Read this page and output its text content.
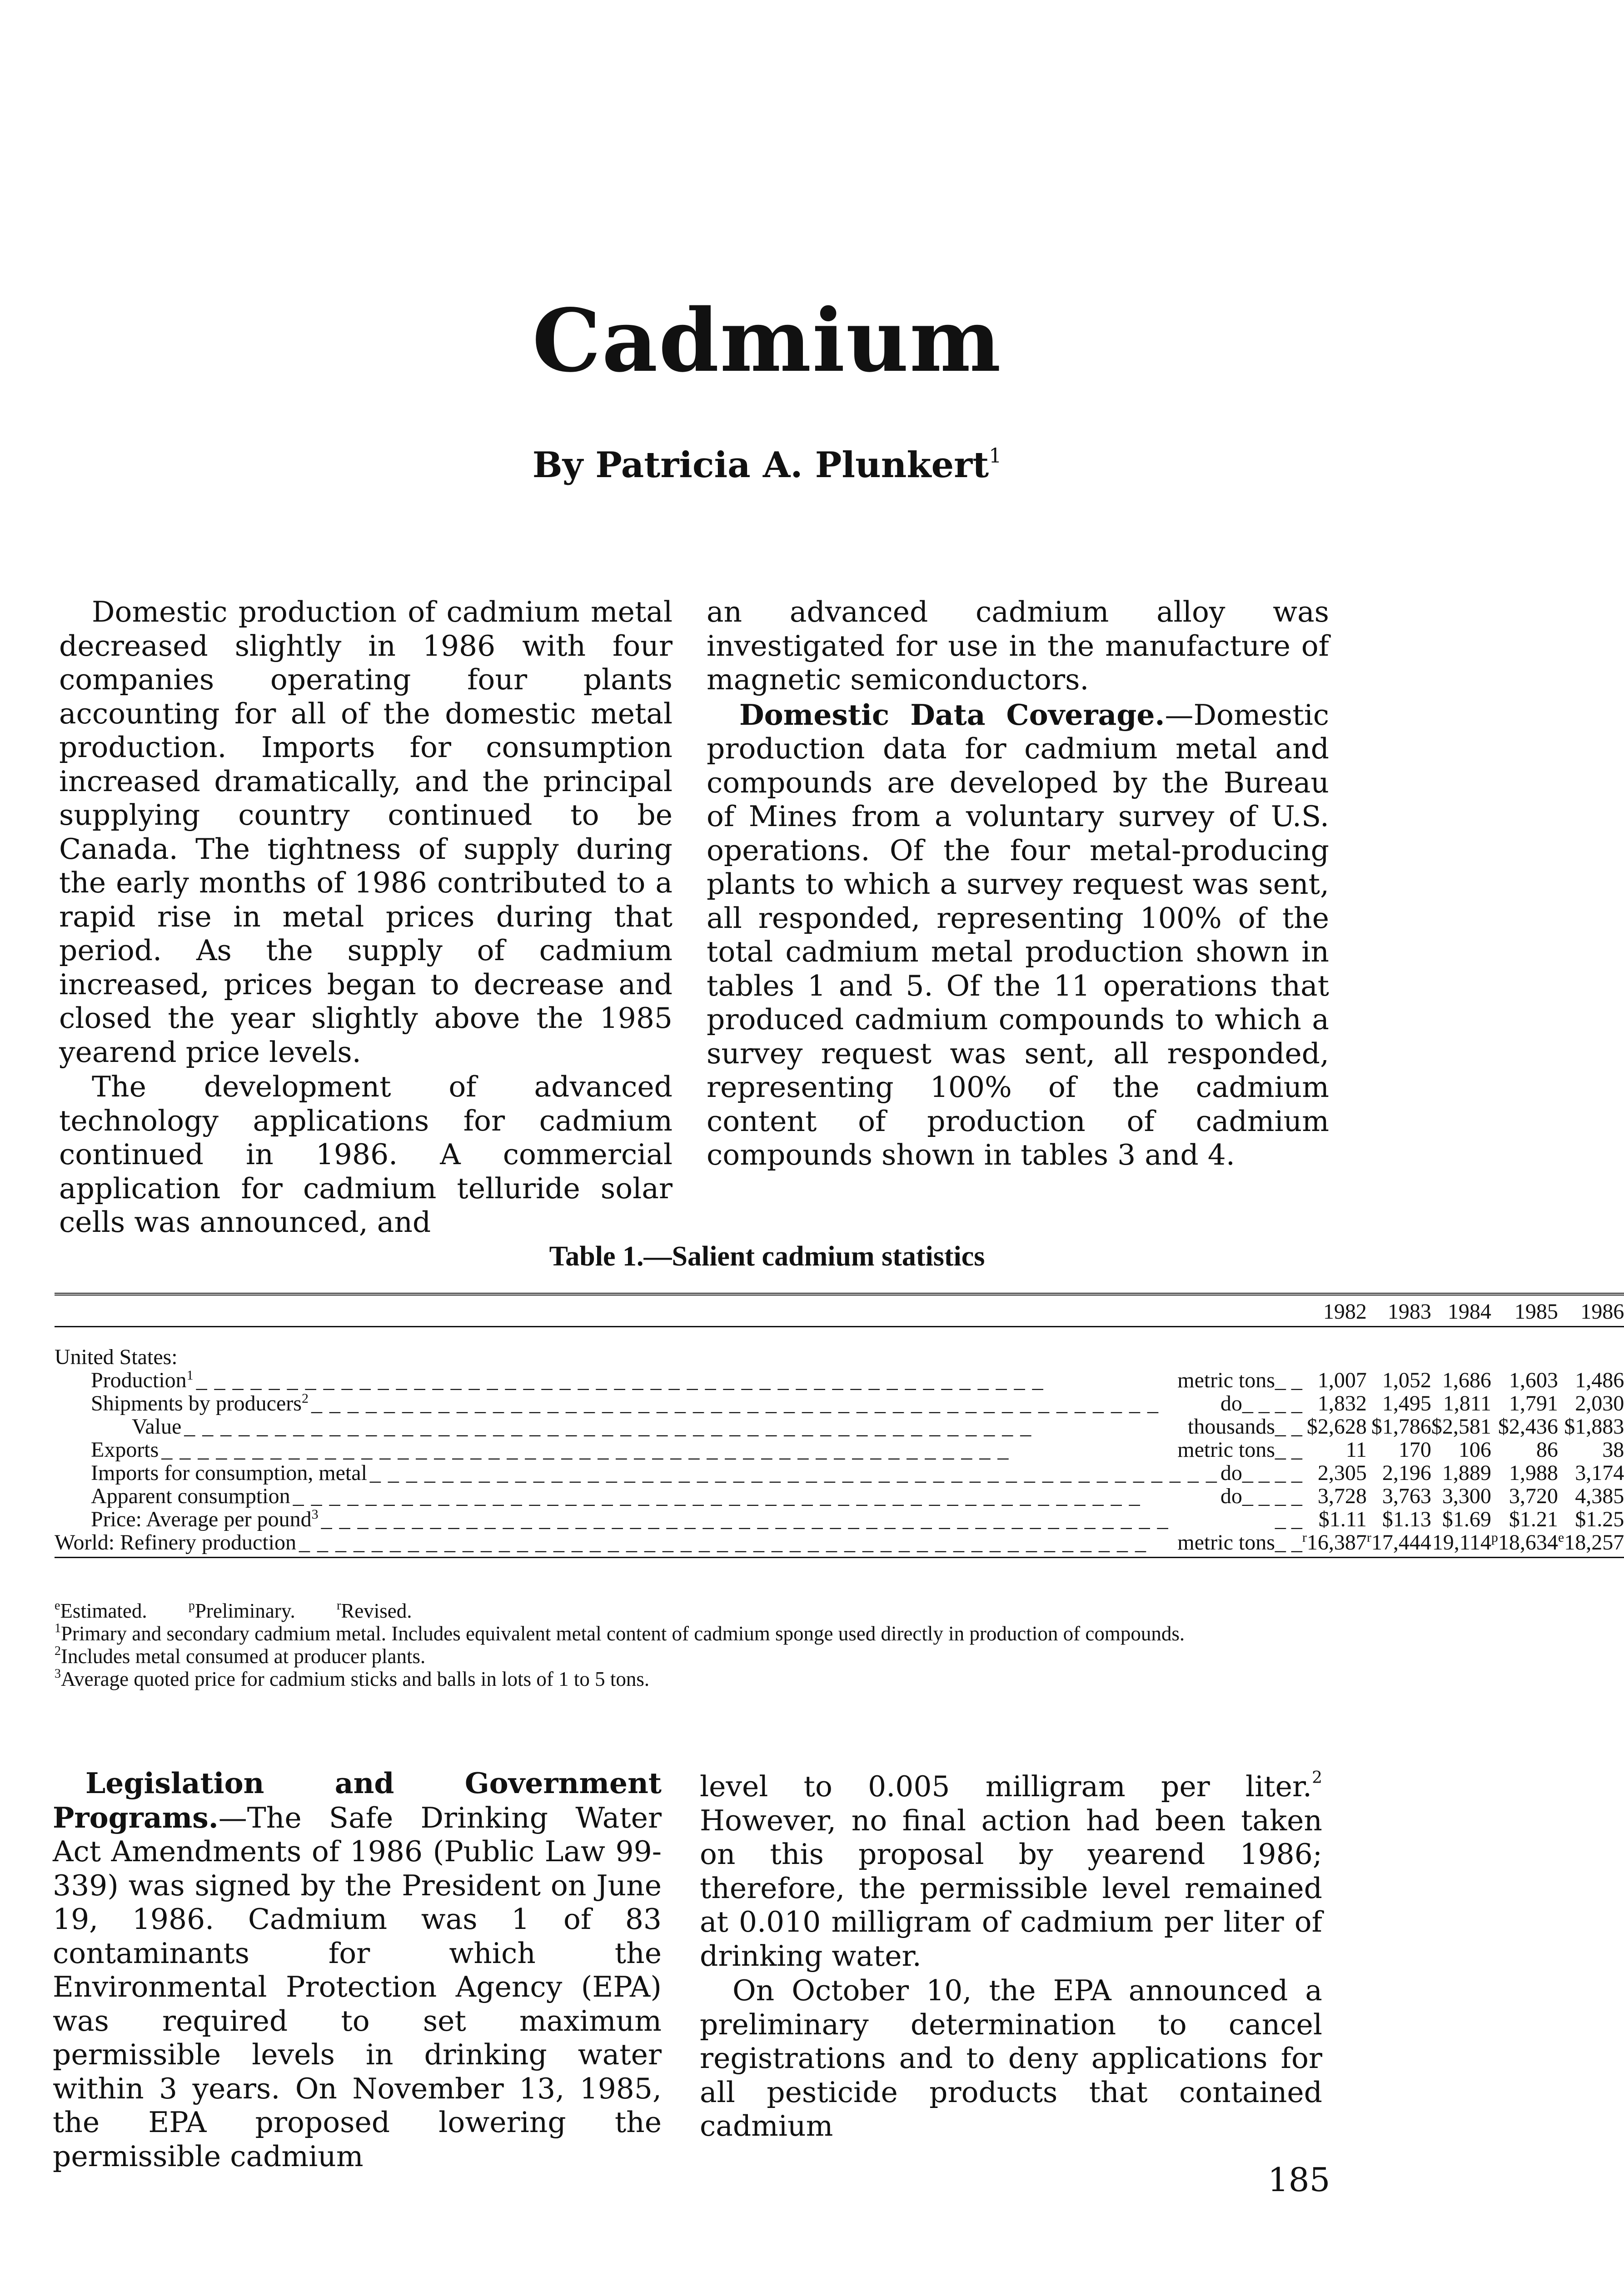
Cadmium
By Patricia A. Plunkert$^1$

Domestic production of cadmium metal decreased slightly in 1986 with four companies operating four plants accounting for all of the domestic metal production. Imports for consumption increased dramatically, and the principal supplying country continued to be Canada. The tightness of supply during the early months of 1986 contributed to a rapid rise in metal prices during that period. As the supply of cadmium increased, prices began to decrease and closed the year slightly above the 1985 yearend price levels.

The development of advanced technology applications for cadmium continued in 1986. A commercial application for cadmium telluride solar cells was announced, and

an advanced cadmium alloy was investigated for use in the manufacture of magnetic semiconductors.

Domestic Data Coverage.—Domestic production data for cadmium metal and compounds are developed by the Bureau of Mines from a voluntary survey of U.S. operations. Of the four metal-producing plants to which a survey request was sent, all responded, representing 100% of the total cadmium metal production shown in tables 1 and 5. Of the 11 operations that produced cadmium compounds to which a survey request was sent, all responded, representing 100% of the cadmium content of production of cadmium compounds shown in tables 3 and 4.

Table 1.—Salient cadmium statistics
	1982	1983	1984	1985	1986
United States:					

Production$^1$ _ _ _ _ _ _ _ _ _ _ _ _ _ _ _ _ _ _ _ _ _ _ _ _ _ _ _ _ _ _ _ _ _ _ _ _ _ _ _ _ _ _ _ _ _ _ _ metric tons _ _	1,007	1,052	1,686	1,603	1,486

Shipments by producers$^2$ _ _ _ _ _ _ _ _ _ _ _ _ _ _ _ _ _ _ _ _ _ _ _ _ _ _ _ _ _ _ _ _ _ _ _ _ _ _ _ _ _ _ _ _ _ _ _ do _ _ _ _	1,832	1,495	1,811	1,791	2,030

Value _ _ _ _ _ _ _ _ _ _ _ _ _ _ _ _ _ _ _ _ _ _ _ _ _ _ _ _ _ _ _ _ _ _ _ _ _ _ _ _ _ _ _ _ _ _ _ thousands _ _	$2,628	$1,786	$2,581	$2,436	$1,883

Exports _ _ _ _ _ _ _ _ _ _ _ _ _ _ _ _ _ _ _ _ _ _ _ _ _ _ _ _ _ _ _ _ _ _ _ _ _ _ _ _ _ _ _ _ _ _ _ metric tons _ _	11	170	106	86	38

Imports for consumption, metal _ _ _ _ _ _ _ _ _ _ _ _ _ _ _ _ _ _ _ _ _ _ _ _ _ _ _ _ _ _ _ _ _ _ _ _ _ _ _ _ _ _ _ _ _ _ _ do _ _ _ _	2,305	2,196	1,889	1,988	3,174

Apparent consumption _ _ _ _ _ _ _ _ _ _ _ _ _ _ _ _ _ _ _ _ _ _ _ _ _ _ _ _ _ _ _ _ _ _ _ _ _ _ _ _ _ _ _ _ _ _ _ do _ _ _ _	3,728	3,763	3,300	3,720	4,385

Price: Average per pound$^3$ _ _ _ _ _ _ _ _ _ _ _ _ _ _ _ _ _ _ _ _ _ _ _ _ _ _ _ _ _ _ _ _ _ _ _ _ _ _ _ _ _ _ _ _ _ _ _ _ _	$1.11	$1.13	$1.69	$1.21	$1.25

World: Refinery production _ _ _ _ _ _ _ _ _ _ _ _ _ _ _ _ _ _ _ _ _ _ _ _ _ _ _ _ _ _ _ _ _ _ _ _ _ _ _ _ _ _ _ _ _ _ _ metric tons _ _	$^r$16,387	$^r$17,444	19,114	$^p$18,634	$^e$18,257

$^e$Estimated.	$^p$Preliminary.	$^r$Revised.

$^1$Primary and secondary cadmium metal. Includes equivalent metal content of cadmium sponge used directly in production of compounds.

$^2$Includes metal consumed at producer plants.

$^3$Average quoted price for cadmium sticks and balls in lots of 1 to 5 tons.

Legislation and Government Programs.—The Safe Drinking Water Act Amendments of 1986 (Public Law 99-339) was signed by the President on June 19, 1986. Cadmium was 1 of 83 contaminants for which the Environmental Protection Agency (EPA) was required to set maximum permissible levels in drinking water within 3 years. On November 13, 1985, the EPA proposed lowering the permissible cadmium

level to 0.005 milligram per liter.$^2$ However, no final action had been taken on this proposal by yearend 1986; therefore, the permissible level remained at 0.010 milligram of cadmium per liter of drinking water.

On October 10, the EPA announced a preliminary determination to cancel registrations and to deny applications for all pesticide products that contained cadmium

185
